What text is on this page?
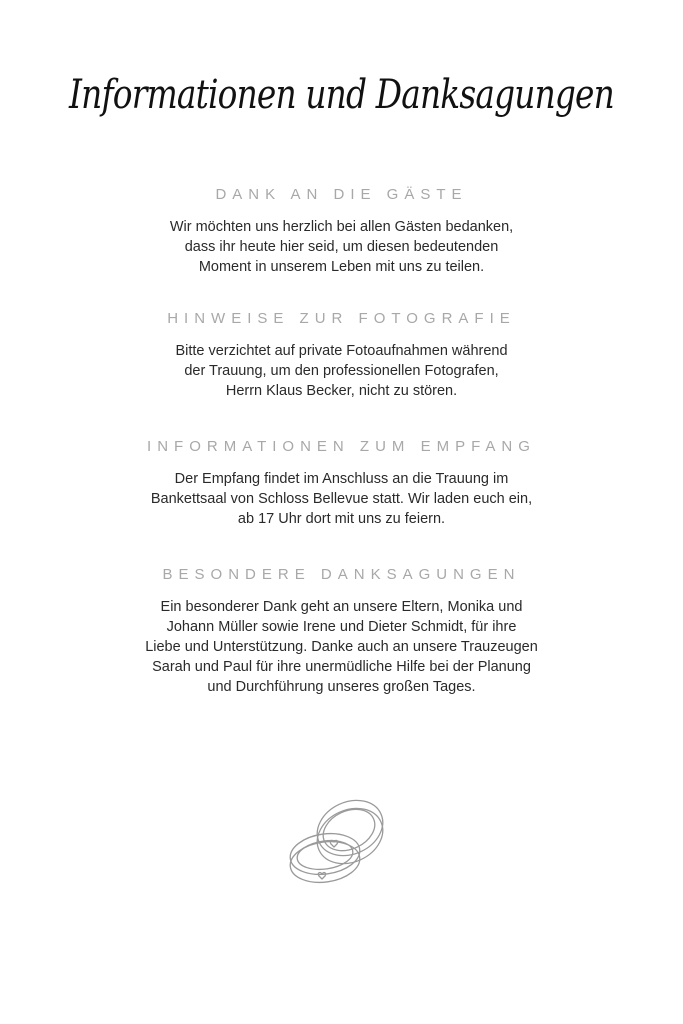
Informationen und Danksagungen
DANK AN DIE GÄSTE
Wir möchten uns herzlich bei allen Gästen bedanken,
dass ihr heute hier seid, um diesen bedeutenden
Moment in unserem Leben mit uns zu teilen.
HINWEISE ZUR FOTOGRAFIE
Bitte verzichtet auf private Fotoaufnahmen während
der Trauung, um den professionellen Fotografen,
Herrn Klaus Becker, nicht zu stören.
INFORMATIONEN ZUM EMPFANG
Der Empfang findet im Anschluss an die Trauung im
Bankettsaal von Schloss Bellevue statt. Wir laden euch ein,
ab 17 Uhr dort mit uns zu feiern.
BESONDERE DANKSAGUNGEN
Ein besonderer Dank geht an unsere Eltern, Monika und
Johann Müller sowie Irene und Dieter Schmidt, für ihre
Liebe und Unterstützung. Danke auch an unsere Trauzeugen
Sarah und Paul für ihre unermüdliche Hilfe bei der Planung
und Durchführung unseres großen Tages.
